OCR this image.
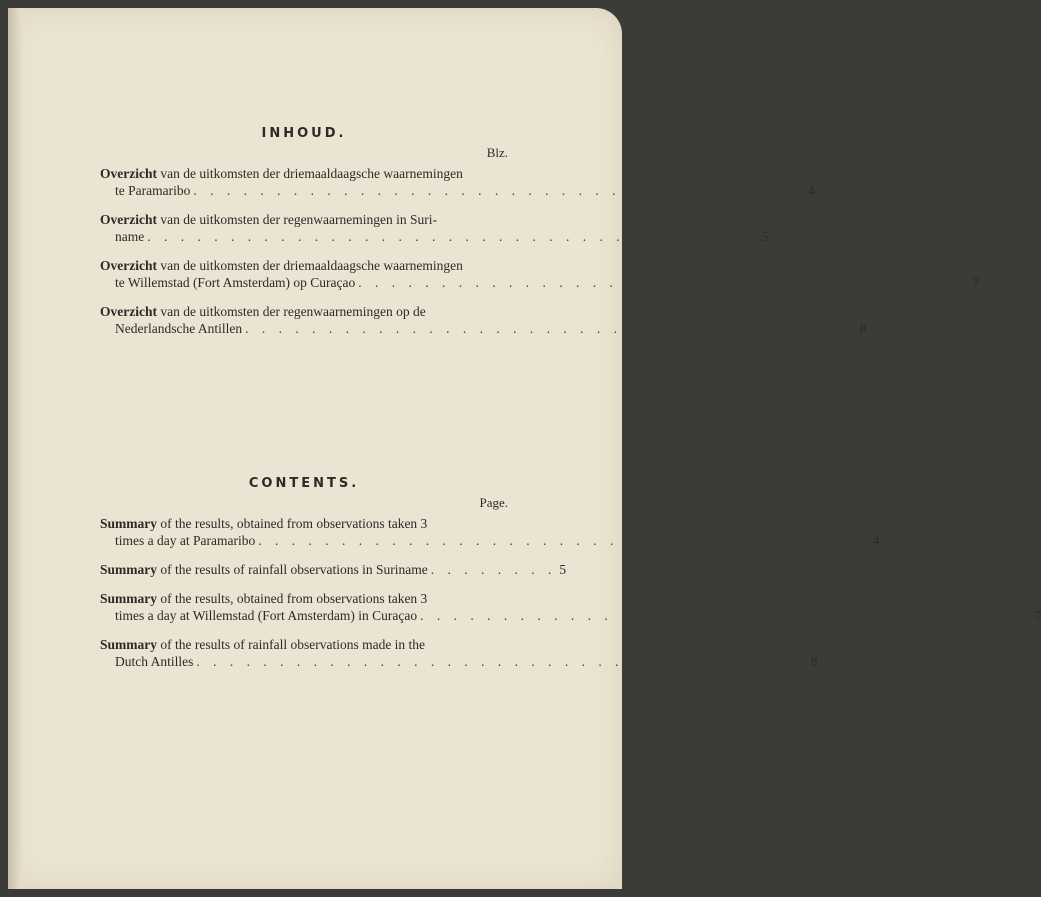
INHOUD.
Blz.
Overzicht van de uitkomsten der driemaaldaagsche waarnemingen
te Paramaribo . . . . . . . . . . . . . . . . . . . . . . . . . . . . . . . . . . . . . 4
Overzicht van de uitkomsten der regenwaarnemingen in Suri-
name . . . . . . . . . . . . . . . . . . . . . . . . . . . . . . . . . . . . . 5
Overzicht van de uitkomsten der driemaaldaagsche waarnemingen
te Willemstad (Fort Amsterdam) op Curaçao . . . . . . . . . . . . . . . . . . . . . . . . . . . . . . . . . . . . . 7
Overzicht van de uitkomsten der regenwaarnemingen op de
Nederlandsche Antillen . . . . . . . . . . . . . . . . . . . . . . . . . . . . . . . . . . . . . 8
CONTENTS.
Page.
Summary of the results, obtained from observations taken 3
times a day at Paramaribo . . . . . . . . . . . . . . . . . . . . . . . . . . . . . . . . . . . . . 4
Summary of the results of rainfall observations in Suriname . . . . . . . . 5
Summary of the results, obtained from observations taken 3
times a day at Willemstad (Fort Amsterdam) in Curaçao . . . . . . . . . . . . . . . . . . . . . . . . . . . . . . . . . . . . . 7
Summary of the results of rainfall observations made in the
Dutch Antilles . . . . . . . . . . . . . . . . . . . . . . . . . . . . . . . . . . . . . 8
